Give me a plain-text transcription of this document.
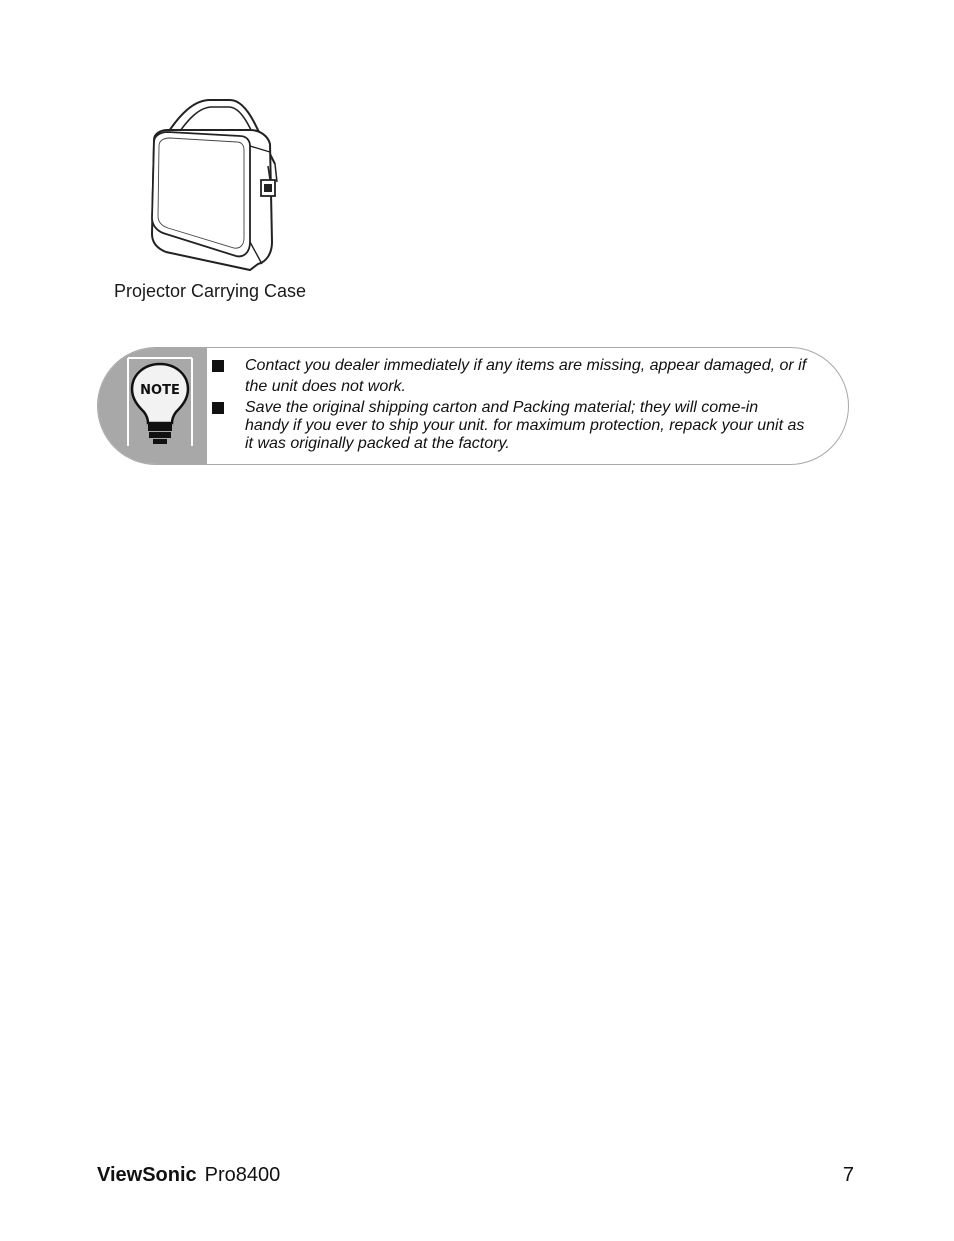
Projector Carrying Case
NOTE
Contact you dealer immediately if any items are missing, appear damaged, or if
the unit does not work.
Save the original shipping carton and Packing material; they will come-in
handy if you ever to ship your unit. for maximum protection, repack your unit as
it was originally packed at the factory.
ViewSonic Pro8400	7
